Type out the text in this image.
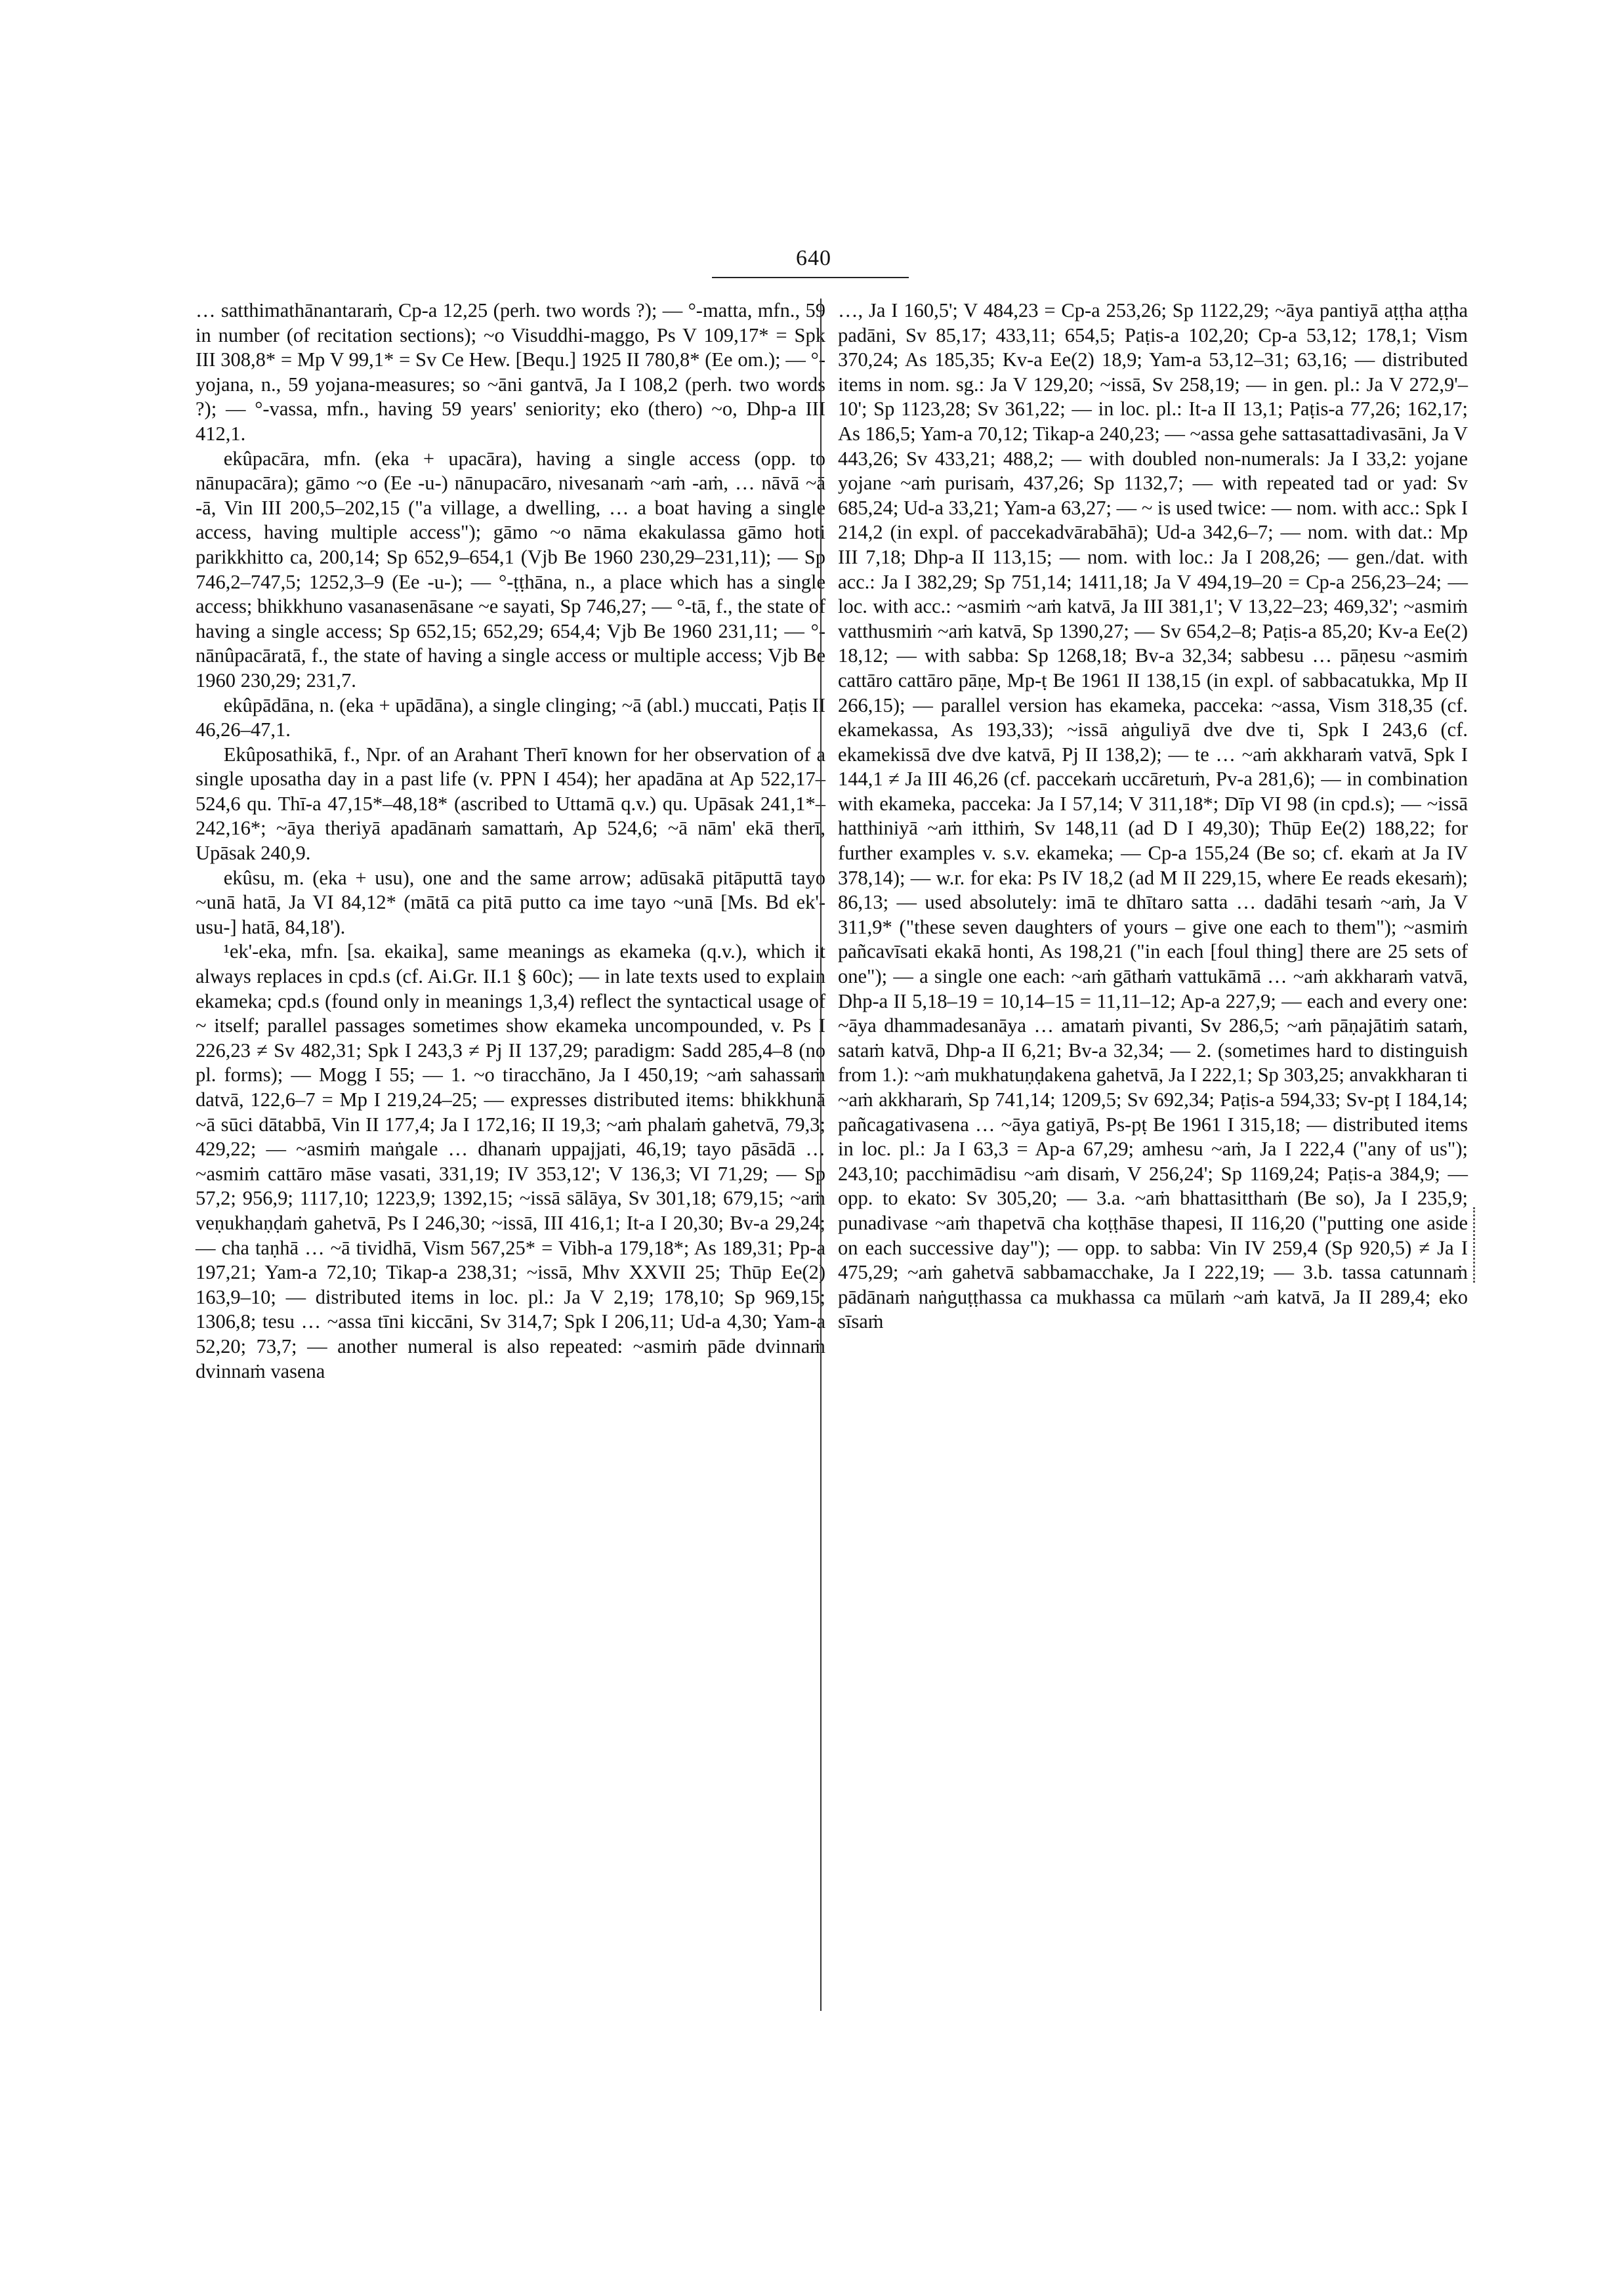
640

… satthimathānantaraṁ, Cp-a 12,25 (perh. two words ?); — °-matta, mfn., 59 in number (of recitation sections); ~o Visuddhi-maggo, Ps V 109,17* = Spk III 308,8* = Mp V 99,1* = Sv Ce Hew. [Bequ.] 1925 II 780,8* (Ee om.); — °-yojana, n., 59 yojana-measures; so ~āni gantvā, Ja I 108,2 (perh. two words ?); — °-vassa, mfn., having 59 years' seniority; eko (thero) ~o, Dhp-a III 412,1.

ekûpacāra, mfn. (eka + upacāra), having a single access (opp. to nānupacāra); gāmo ~o (Ee -u-) nānupacāro, nivesanaṁ ~aṁ -aṁ, … nāvā ~ā -ā, Vin III 200,5–202,15 ("a village, a dwelling, … a boat having a single access, having multiple access"); gāmo ~o nāma ekakulassa gāmo hoti parikkhitto ca, 200,14; Sp 652,9–654,1 (Vjb Be 1960 230,29–231,11); — Sp 746,2–747,5; 1252,3–9 (Ee -u-); — °-ṭṭhāna, n., a place which has a single access; bhikkhuno vasanasenāsane ~e sayati, Sp 746,27; — °-tā, f., the state of having a single access; Sp 652,15; 652,29; 654,4; Vjb Be 1960 231,11; — °-nānûpacāratā, f., the state of having a single access or multiple access; Vjb Be 1960 230,29; 231,7.

ekûpādāna, n. (eka + upādāna), a single clinging; ~ā (abl.) muccati, Paṭis II 46,26–47,1.

Ekûposathikā, f., Npr. of an Arahant Therī known for her observation of a single uposatha day in a past life (v. PPN I 454); her apadāna at Ap 522,17–524,6 qu. Thī-a 47,15*–48,18* (ascribed to Uttamā q.v.) qu. Upāsak 241,1*–242,16*; ~āya theriyā apadānaṁ samattaṁ, Ap 524,6; ~ā nām' ekā therī, Upāsak 240,9.

ekûsu, m. (eka + usu), one and the same arrow; adūsakā pitāputtā tayo ~unā hatā, Ja VI 84,12* (mātā ca pitā putto ca ime tayo ~unā [Ms. Bd ek'-usu-] hatā, 84,18').

¹ek'-eka, mfn. [sa. ekaika], same meanings as ekameka (q.v.), which it always replaces in cpd.s (cf. Ai.Gr. II.1 § 60c); — in late texts used to explain ekameka; cpd.s (found only in meanings 1,3,4) reflect the syntactical usage of ~ itself; parallel passages sometimes show ekameka uncompounded, v. Ps I 226,23 ≠ Sv 482,31; Spk I 243,3 ≠ Pj II 137,29; paradigm: Sadd 285,4–8 (no pl. forms); — Mogg I 55; — 1. ~o tiracchāno, Ja I 450,19; ~aṁ sahassaṁ datvā, 122,6–7 = Mp I 219,24–25; — expresses distributed items: bhikkhunā ~ā sūci dātabbā, Vin II 177,4; Ja I 172,16; II 19,3; ~aṁ phalaṁ gahetvā, 79,3; 429,22; — ~asmiṁ maṅgale … dhanaṁ uppajjati, 46,19; tayo pāsādā … ~asmiṁ cattāro māse vasati, 331,19; IV 353,12'; V 136,3; VI 71,29; — Sp 57,2; 956,9; 1117,10; 1223,9; 1392,15; ~issā sālāya, Sv 301,18; 679,15; ~aṁ veṇukhaṇḍaṁ gahetvā, Ps I 246,30; ~issā, III 416,1; It-a I 20,30; Bv-a 29,24; — cha taṇhā … ~ā tividhā, Vism 567,25* = Vibh-a 179,18*; As 189,31; Pp-a 197,21; Yam-a 72,10; Tikap-a 238,31; ~issā, Mhv XXVII 25; Thūp Ee(2) 163,9–10; — distributed items in loc. pl.: Ja V 2,19; 178,10; Sp 969,15; 1306,8; tesu … ~assa tīni kiccāni, Sv 314,7; Spk I 206,11; Ud-a 4,30; Yam-a 52,20; 73,7; — another numeral is also repeated: ~asmiṁ pāde dvinnaṁ dvinnaṁ vasena

…, Ja I 160,5'; V 484,23 = Cp-a 253,26; Sp 1122,29; ~āya pantiyā aṭṭha aṭṭha padāni, Sv 85,17; 433,11; 654,5; Paṭis-a 102,20; Cp-a 53,12; 178,1; Vism 370,24; As 185,35; Kv-a Ee(2) 18,9; Yam-a 53,12–31; 63,16; — distributed items in nom. sg.: Ja V 129,20; ~issā, Sv 258,19; — in gen. pl.: Ja V 272,9'–10'; Sp 1123,28; Sv 361,22; — in loc. pl.: It-a II 13,1; Paṭis-a 77,26; 162,17; As 186,5; Yam-a 70,12; Tikap-a 240,23; — ~assa gehe sattasattadivasāni, Ja V 443,26; Sv 433,21; 488,2; — with doubled non-numerals: Ja I 33,2: yojane yojane ~aṁ purisaṁ, 437,26; Sp 1132,7; — with repeated tad or yad: Sv 685,24; Ud-a 33,21; Yam-a 63,27; — ~ is used twice: — nom. with acc.: Spk I 214,2 (in expl. of paccekadvārabāhā); Ud-a 342,6–7; — nom. with dat.: Mp III 7,18; Dhp-a II 113,15; — nom. with loc.: Ja I 208,26; — gen./dat. with acc.: Ja I 382,29; Sp 751,14; 1411,18; Ja V 494,19–20 = Cp-a 256,23–24; — loc. with acc.: ~asmiṁ ~aṁ katvā, Ja III 381,1'; V 13,22–23; 469,32'; ~asmiṁ vatthusmiṁ ~aṁ katvā, Sp 1390,27; — Sv 654,2–8; Paṭis-a 85,20; Kv-a Ee(2) 18,12; — with sabba: Sp 1268,18; Bv-a 32,34; sabbesu … pāṇesu ~asmiṁ cattāro cattāro pāṇe, Mp-ṭ Be 1961 II 138,15 (in expl. of sabbacatukka, Mp II 266,15); — parallel version has ekameka, pacceka: ~assa, Vism 318,35 (cf. ekamekassa, As 193,33); ~issā aṅguliyā dve dve ti, Spk I 243,6 (cf. ekamekissā dve dve katvā, Pj II 138,2); — te … ~aṁ akkharaṁ vatvā, Spk I 144,1 ≠ Ja III 46,26 (cf. paccekaṁ uccāretuṁ, Pv-a 281,6); — in combination with ekameka, pacceka: Ja I 57,14; V 311,18*; Dīp VI 98 (in cpd.s); — ~issā hatthiniyā ~aṁ itthiṁ, Sv 148,11 (ad D I 49,30); Thūp Ee(2) 188,22; for further examples v. s.v. ekameka; — Cp-a 155,24 (Be so; cf. ekaṁ at Ja IV 378,14); — w.r. for eka: Ps IV 18,2 (ad M II 229,15, where Ee reads ekesaṁ); 86,13; — used absolutely: imā te dhītaro satta … dadāhi tesaṁ ~aṁ, Ja V 311,9* ("these seven daughters of yours – give one each to them"); ~asmiṁ pañcavīsati ekakā honti, As 198,21 ("in each [foul thing] there are 25 sets of one"); — a single one each: ~aṁ gāthaṁ vattukāmā … ~aṁ akkharaṁ vatvā, Dhp-a II 5,18–19 = 10,14–15 = 11,11–12; Ap-a 227,9; — each and every one: ~āya dhammadesanāya … amataṁ pivanti, Sv 286,5; ~aṁ pāṇajātiṁ sataṁ, sataṁ katvā, Dhp-a II 6,21; Bv-a 32,34; — 2. (sometimes hard to distinguish from 1.): ~aṁ mukhatuṇḍakena gahetvā, Ja I 222,1; Sp 303,25; anvakkharan ti ~aṁ akkharaṁ, Sp 741,14; 1209,5; Sv 692,34; Paṭis-a 594,33; Sv-pṭ I 184,14; pañcagativasena … ~āya gatiyā, Ps-pṭ Be 1961 I 315,18; — distributed items in loc. pl.: Ja I 63,3 = Ap-a 67,29; amhesu ~aṁ, Ja I 222,4 ("any of us"); 243,10; pacchimādisu ~aṁ disaṁ, V 256,24'; Sp 1169,24; Paṭis-a 384,9; — opp. to ekato: Sv 305,20; — 3.a. ~aṁ bhattasitthaṁ (Be so), Ja I 235,9; punadivase ~aṁ thapetvā cha koṭṭhāse thapesi, II 116,20 ("putting one aside on each successive day"); — opp. to sabba: Vin IV 259,4 (Sp 920,5) ≠ Ja I 475,29; ~aṁ gahetvā sabbamacchake, Ja I 222,19; — 3.b. tassa catunnaṁ pādānaṁ naṅguṭṭhassa ca mukhassa ca mūlaṁ ~aṁ katvā, Ja II 289,4; eko sīsaṁ
